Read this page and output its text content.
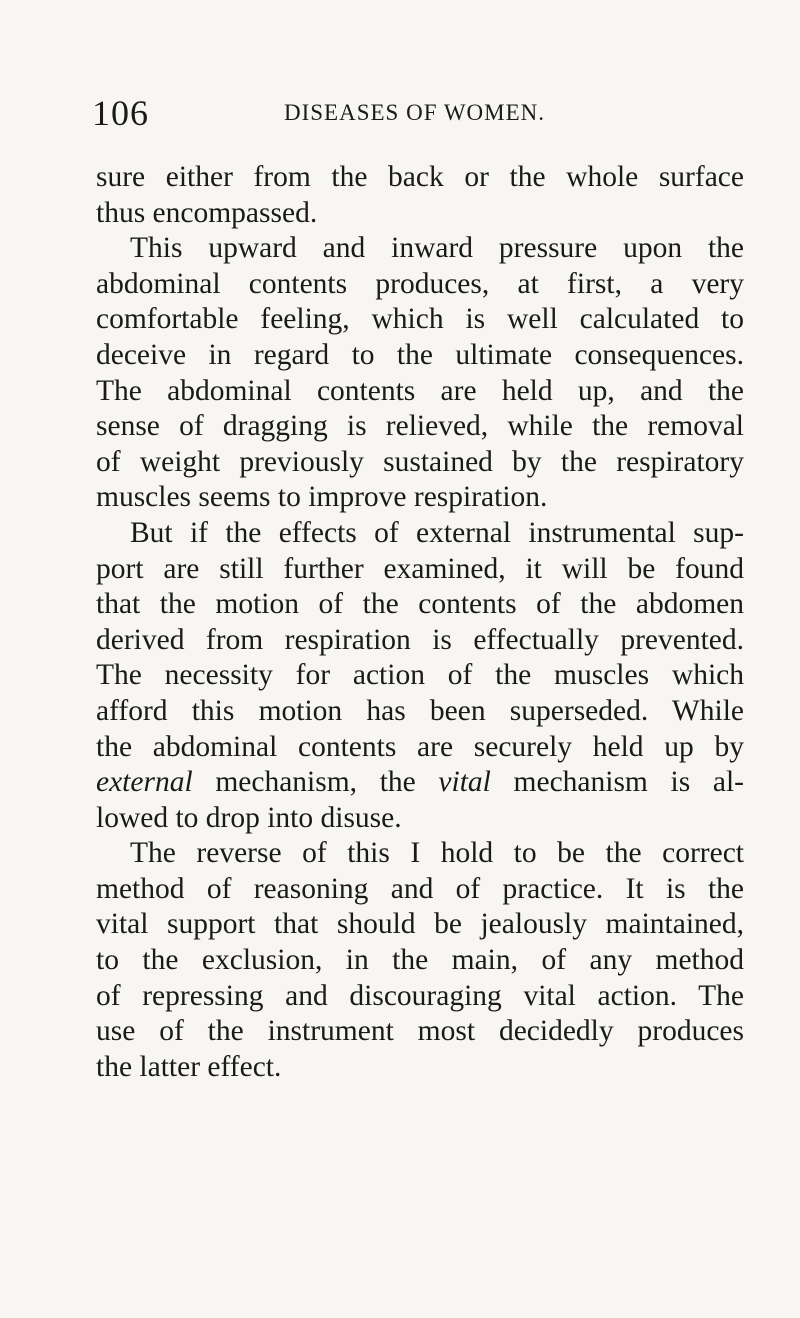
106	DISEASES OF WOMEN.
sure either from the back or the whole surface
thus encompassed.
This upward and inward pressure upon the
abdominal contents produces, at first, a very
comfortable feeling, which is well calculated to
deceive in regard to the ultimate consequences.
The abdominal contents are held up, and the
sense of dragging is relieved, while the removal
of weight previously sustained by the respiratory
muscles seems to improve respiration.
But if the effects of external instrumental sup-
port are still further examined, it will be found
that the motion of the contents of the abdomen
derived from respiration is effectually prevented.
The necessity for action of the muscles which
afford this motion has been superseded. While
the abdominal contents are securely held up by
external mechanism, the vital mechanism is al-
lowed to drop into disuse.
The reverse of this I hold to be the correct
method of reasoning and of practice. It is the
vital support that should be jealously maintained,
to the exclusion, in the main, of any method
of repressing and discouraging vital action. The
use of the instrument most decidedly produces
the latter effect.
